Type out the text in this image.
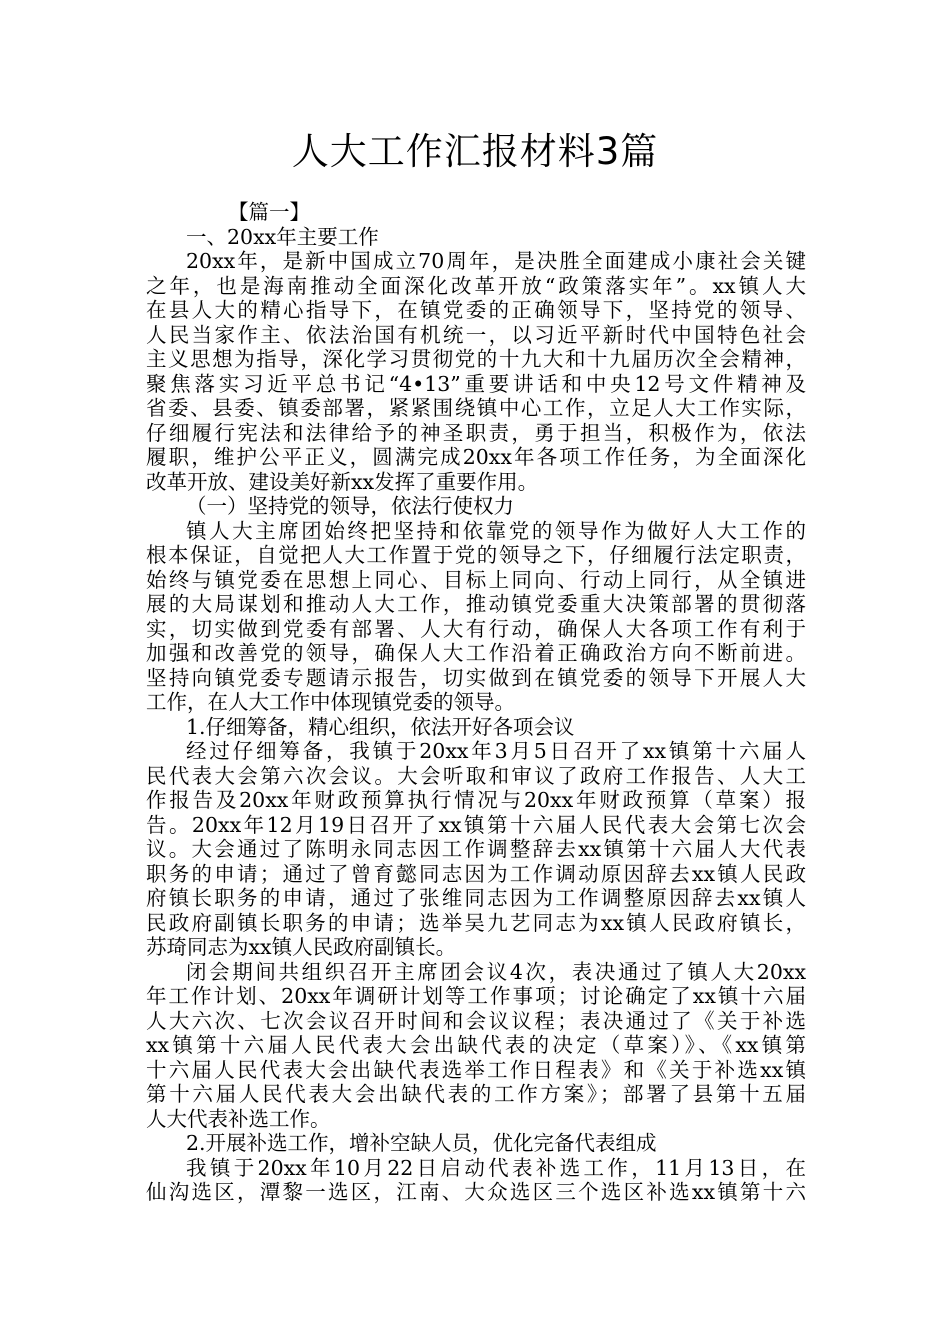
人大工作汇报材料3篇
【篇一】
一、20xx年主要工作
20xx年，是新中国成立70周年，是决胜全面建成小康社会关键
之年，也是海南推动全面深化改革开放“政策落实年”。xx镇人大
在县人大的精心指导下，在镇党委的正确领导下，坚持党的领导、
人民当家作主、依法治国有机统一，以习近平新时代中国特色社会
主义思想为指导，深化学习贯彻党的十九大和十九届历次全会精神，
聚焦落实习近平总书记“4•13”重要讲话和中央12号文件精神及
省委、县委、镇委部署，紧紧围绕镇中心工作，立足人大工作实际，
仔细履行宪法和法律给予的神圣职责，勇于担当，积极作为，依法
履职，维护公平正义，圆满完成20xx年各项工作任务，为全面深化
改革开放、建设美好新xx发挥了重要作用。
（一）坚持党的领导，依法行使权力
镇人大主席团始终把坚持和依靠党的领导作为做好人大工作的
根本保证，自觉把人大工作置于党的领导之下，仔细履行法定职责，
始终与镇党委在思想上同心、目标上同向、行动上同行，从全镇进
展的大局谋划和推动人大工作，推动镇党委重大决策部署的贯彻落
实，切实做到党委有部署、人大有行动，确保人大各项工作有利于
加强和改善党的领导，确保人大工作沿着正确政治方向不断前进。
坚持向镇党委专题请示报告，切实做到在镇党委的领导下开展人大
工作，在人大工作中体现镇党委的领导。
1.仔细筹备，精心组织，依法开好各项会议
经过仔细筹备，我镇于20xx年3月5日召开了xx镇第十六届人
民代表大会第六次会议。大会听取和审议了政府工作报告、人大工
作报告及20xx年财政预算执行情况与20xx年财政预算（草案）报
告。20xx年12月19日召开了xx镇第十六届人民代表大会第七次会
议。大会通过了陈明永同志因工作调整辞去xx镇第十六届人大代表
职务的申请；通过了曾育懿同志因为工作调动原因辞去xx镇人民政
府镇长职务的申请，通过了张维同志因为工作调整原因辞去xx镇人
民政府副镇长职务的申请；选举吴九艺同志为xx镇人民政府镇长，
苏琦同志为xx镇人民政府副镇长。
闭会期间共组织召开主席团会议4次，表决通过了镇人大20xx
年工作计划、20xx年调研计划等工作事项；讨论确定了xx镇十六届
人大六次、七次会议召开时间和会议议程；表决通过了《关于补选
xx镇第十六届人民代表大会出缺代表的决定（草案）》、《xx镇第
十六届人民代表大会出缺代表选举工作日程表》和《关于补选xx镇
第十六届人民代表大会出缺代表的工作方案》；部署了县第十五届
人大代表补选工作。
2.开展补选工作，增补空缺人员，优化完备代表组成
我镇于20xx年10月22日启动代表补选工作，11月13日，在
仙沟选区，潭黎一选区，江南、大众选区三个选区补选xx镇第十六
